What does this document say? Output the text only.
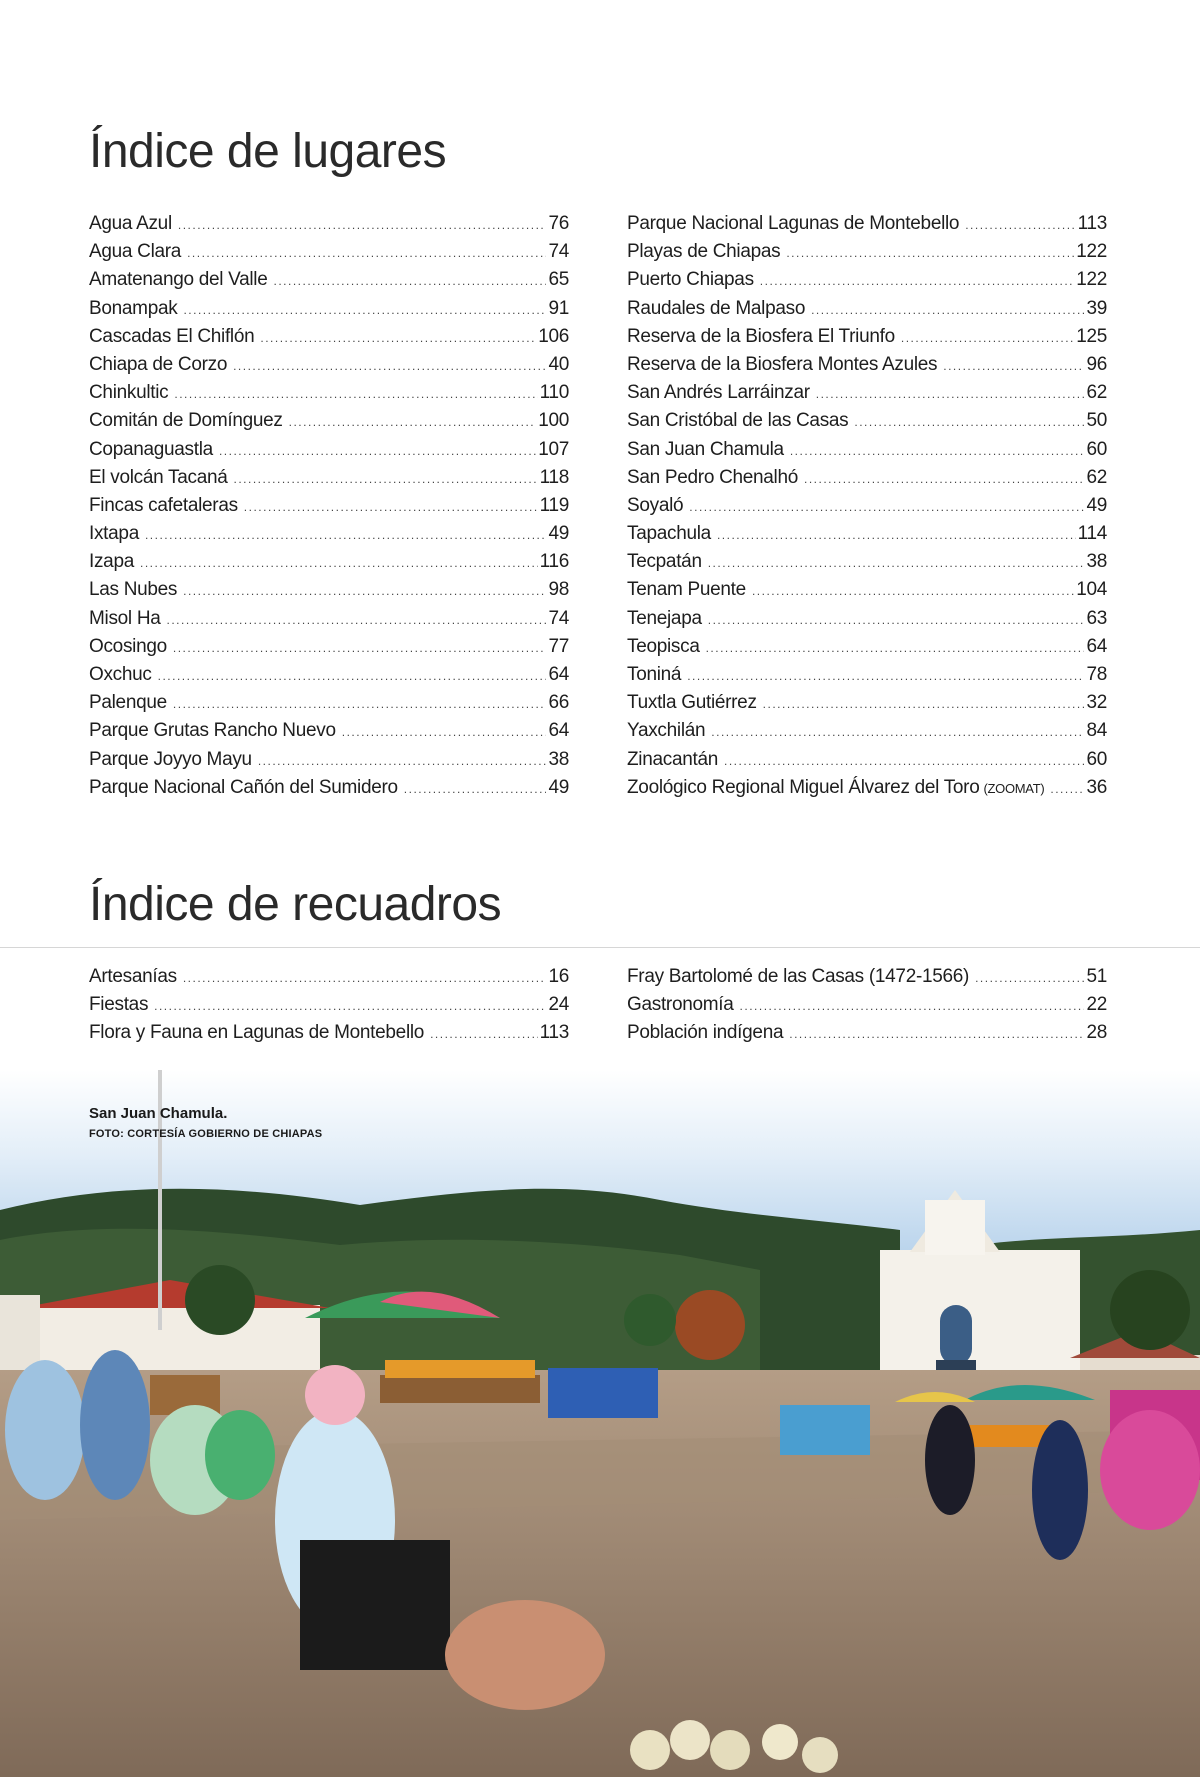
Índice de lugares
Agua Azul .....	76
Agua Clara .....	74
Amatenango del Valle .....	65
Bonampak .....	91
Cascadas El Chiflón .....	106
Chiapa de Corzo .....	40
Chinkultic .....	110
Comitán de Domínguez .....	100
Copanaguastla .....	107
El volcán Tacaná .....	118
Fincas cafetaleras .....	119
Ixtapa .....	49
Izapa .....	116
Las Nubes .....	98
Misol Ha .....	74
Ocosingo .....	77
Oxchuc .....	64
Palenque .....	66
Parque Grutas Rancho Nuevo .....	64
Parque Joyyo Mayu .....	38
Parque Nacional Cañón del Sumidero .....	49
Parque Nacional Lagunas de Montebello .....	113
Playas de Chiapas .....	122
Puerto Chiapas .....	122
Raudales de Malpaso .....	39
Reserva de la Biosfera El Triunfo .....	125
Reserva de la Biosfera Montes Azules .....	96
San Andrés Larráinzar .....	62
San Cristóbal de las Casas .....	50
San Juan Chamula .....	60
San Pedro Chenalhó .....	62
Soyaló .....	49
Tapachula .....	114
Tecpatán .....	38
Tenam Puente .....	104
Tenejapa .....	63
Teopisca .....	64
Toniná .....	78
Tuxtla Gutiérrez .....	32
Yaxchilán .....	84
Zinacantán .....	60
Zoológico Regional Miguel Álvarez del Toro (ZOOMAT) ..... 36
Índice de recuadros
Artesanías .....	16
Fiestas .....	24
Flora y Fauna en Lagunas de Montebello .....	113
Fray Bartolomé de las Casas (1472-1566) .....	51
Gastronomía .....	22
Población indígena .....	28
San Juan Chamula.
FOTO: CORTESÍA GOBIERNO DE CHIAPAS
